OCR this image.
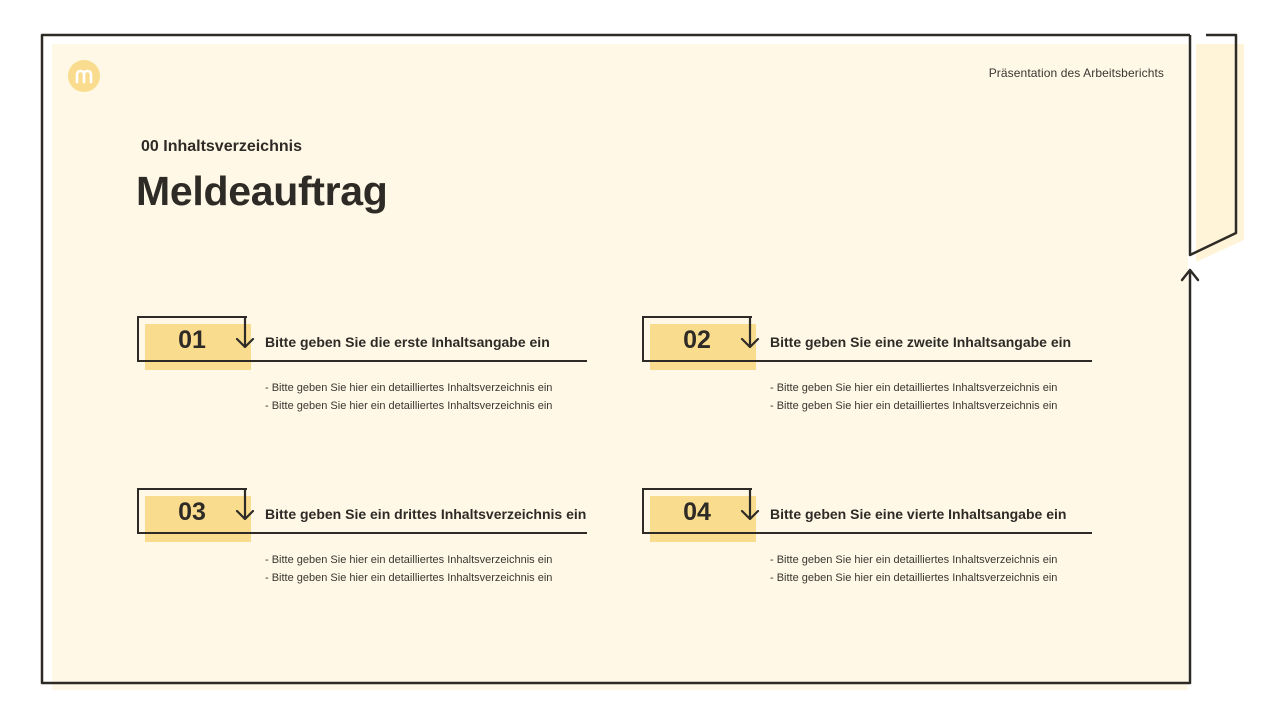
Präsentation des Arbeitsberichts
00 Inhaltsverzeichnis
Meldeauftrag
01	Bitte geben Sie die erste Inhaltsangabe ein
- Bitte geben Sie hier ein detailliertes Inhaltsverzeichnis ein
- Bitte geben Sie hier ein detailliertes Inhaltsverzeichnis ein
02	Bitte geben Sie eine zweite Inhaltsangabe ein
- Bitte geben Sie hier ein detailliertes Inhaltsverzeichnis ein
- Bitte geben Sie hier ein detailliertes Inhaltsverzeichnis ein
03	Bitte geben Sie ein drittes Inhaltsverzeichnis ein
- Bitte geben Sie hier ein detailliertes Inhaltsverzeichnis ein
- Bitte geben Sie hier ein detailliertes Inhaltsverzeichnis ein
04	Bitte geben Sie eine vierte Inhaltsangabe ein
- Bitte geben Sie hier ein detailliertes Inhaltsverzeichnis ein
- Bitte geben Sie hier ein detailliertes Inhaltsverzeichnis ein
